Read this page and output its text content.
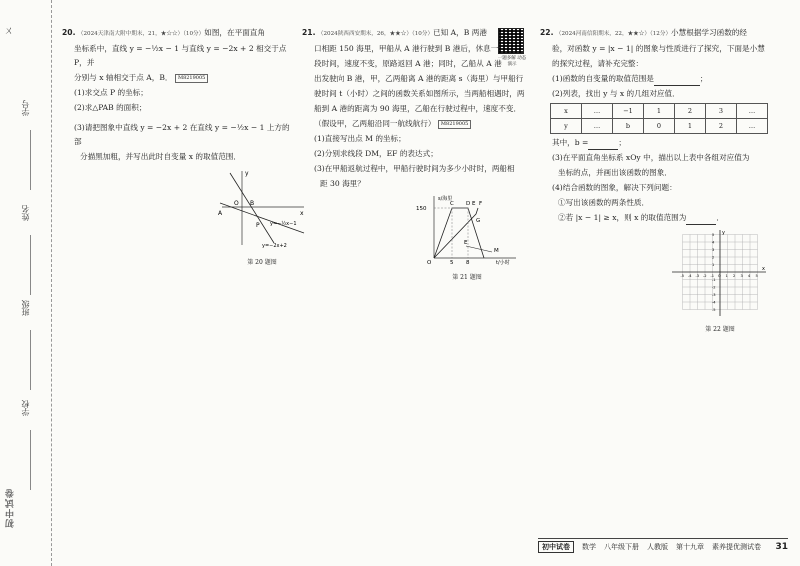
ㄨ
学号
姓名
班级
学校
初中试卷

20. （2024天津南大附中期末，21，★☆☆）（10分）如图，在平面直角

坐标系中，直线 y = −½x − 1 与直线 y = −2x + 2 相交于点 P，并

分别与 x 轴相交于点 A，B． M8219005

(1)求交点 P 的坐标；

(2)求△PAB 的面积；

(3)请把图象中直线 y = −2x + 2 在直线 y = −½x − 1 上方的部

分描黑加粗，并写出此时自变量 x 的取值范围．

y
x
O B
A
P y=−½x−1
y=−2x+2

第 20 题图

21. （2024陕西西安期末，26，★★☆）（10分）已知 A，B 两港

口相距 150 海里，甲船从 A 港行驶到 B 港后，休息一

段时间，速度不变，原路返回 A 港；同时，乙船从 A 港

出发驶向 B 港，甲，乙两船离 A 港的距离 s（海里）与甲船行

驶时间 t（小时）之间的函数关系如图所示，当两船相遇时，两

船到 A 港的距离为 90 海里，乙船在行驶过程中，速度不变．

（假设甲，乙两船沿同一航线航行） M8219005

(1)直接写出点 M 的坐标；

(2)分别求线段 DM，EF 的表达式；

(3)在甲船返航过程中，甲船行驶时间为多少小时时，两船相

距 30 海里？

s/海里
t/小时
150
O	5 8
C D E F
G
E
M

第 21 题图

一题多解 动态演示

22. （2024河南信阳期末，22，★★☆）（12分）小慧根据学习函数的经

验，对函数 y = |x − 1| 的图象与性质进行了探究，下面是小慧

的探究过程，请补充完整：

(1)函数的自变量的取值范围是	；

(2)列表，找出 y 与 x 的几组对应值．

x	…	−1	1	2	3	…
y	…	b	0	1	2	…

其中，b =	；

(3)在平面直角坐标系 xOy 中，描出以上表中各组对应值为

坐标的点，并画出该函数的图象．

(4)结合函数的图象，解决下列问题：

①写出该函数的两条性质．

②若 |x − 1| ≥ x，则 x 的取值范围为	．

-5 -4 -3 -2 -1 O 1 2 3 4 5
5
4
3
2
1
-1
-2
-3
-4
-5
x
y

第 22 题图

初中试卷	数学 八年级下册 人教版 第十九章 素养提优测试卷 31
